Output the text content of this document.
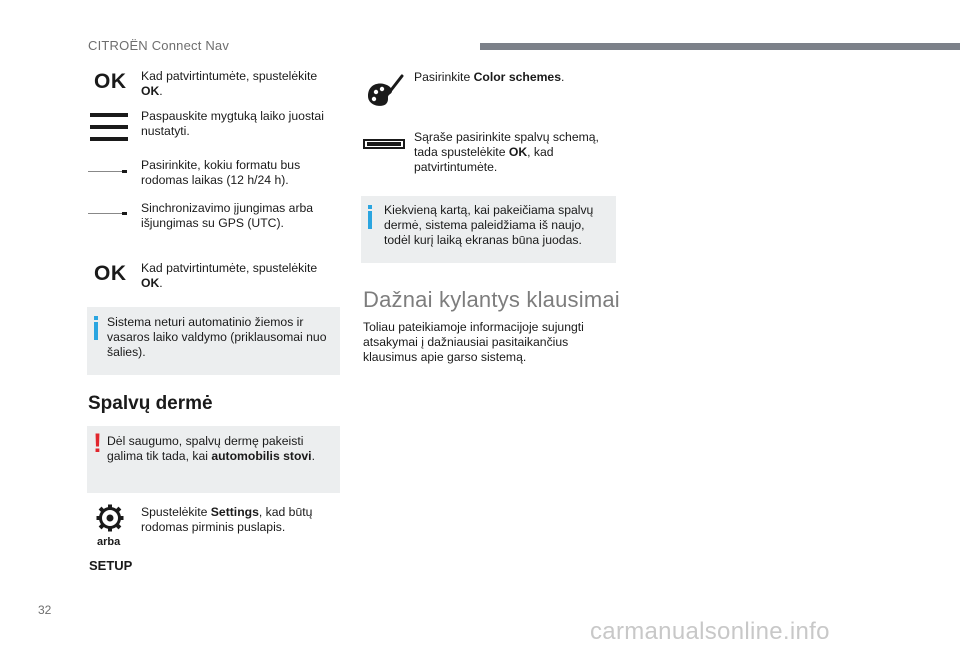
CITROËN Connect Nav
OK Kad patvirtintumėte, spustelėkite OK.
Paspauskite mygtuką laiko juostai nustatyti.
Pasirinkite, kokiu formatu bus rodomas laikas (12 h/24 h).
Sinchronizavimo įjungimas arba išjungimas su GPS (UTC).
OK Kad patvirtintumėte, spustelėkite OK.
Sistema neturi automatinio žiemos ir vasaros laiko valdymo (priklausomai nuo šalies).
Spalvų dermė
! Dėl saugumo, spalvų dermę pakeisti galima tik tada, kai automobilis stovi.
arba
SETUP
Spustelėkite Settings, kad būtų rodomas pirminis puslapis.
Pasirinkite Color schemes.
Sąraše pasirinkite spalvų schemą, tada spustelėkite OK, kad patvirtintumėte.
Kiekvieną kartą, kai pakeičiama spalvų dermė, sistema paleidžiama iš naujo, todėl kurį laiką ekranas būna juodas.
Dažnai kylantys klausimai
Toliau pateikiamoje informacijoje sujungti atsakymai į dažniausiai pasitaikančius klausimus apie garso sistemą.
32
carmanualsonline.info
